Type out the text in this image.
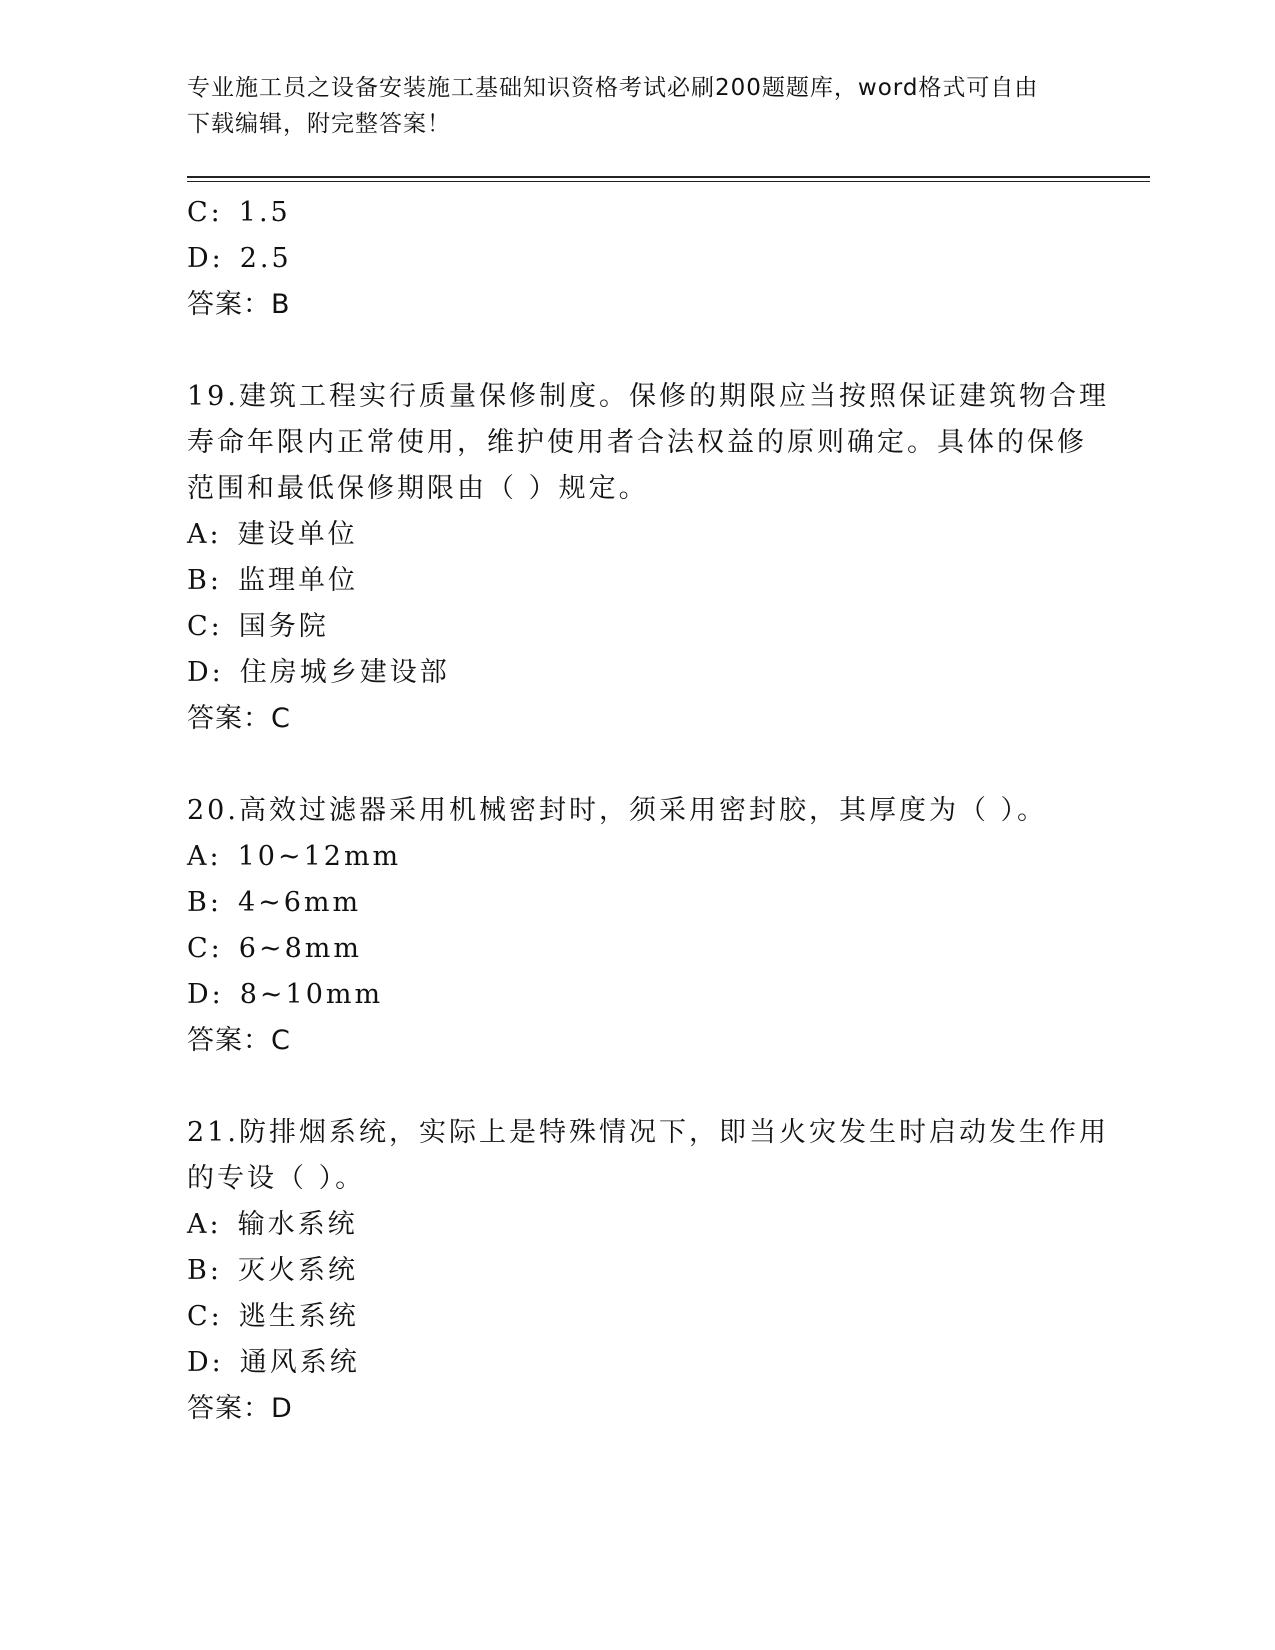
专业施工员之设备安装施工基础知识资格考试必刷200题题库，word格式可自由
下载编辑，附完整答案！
C: 1.5
D: 2.5
答案：B
19.建筑工程实行质量保修制度。保修的期限应当按照保证建筑物合理
寿命年限内正常使用，维护使用者合法权益的原则确定。具体的保修
范围和最低保修期限由（ ）规定。
A: 建设单位
B: 监理单位
C: 国务院
D: 住房城乡建设部
答案：C
20.高效过滤器采用机械密封时，须采用密封胶，其厚度为（ ）。
A: 10~12mm
B: 4~6mm
C: 6~8mm
D: 8~10mm
答案：C
21.防排烟系统，实际上是特殊情况下，即当火灾发生时启动发生作用
的专设（ ）。
A: 输水系统
B: 灭火系统
C: 逃生系统
D: 通风系统
答案：D
